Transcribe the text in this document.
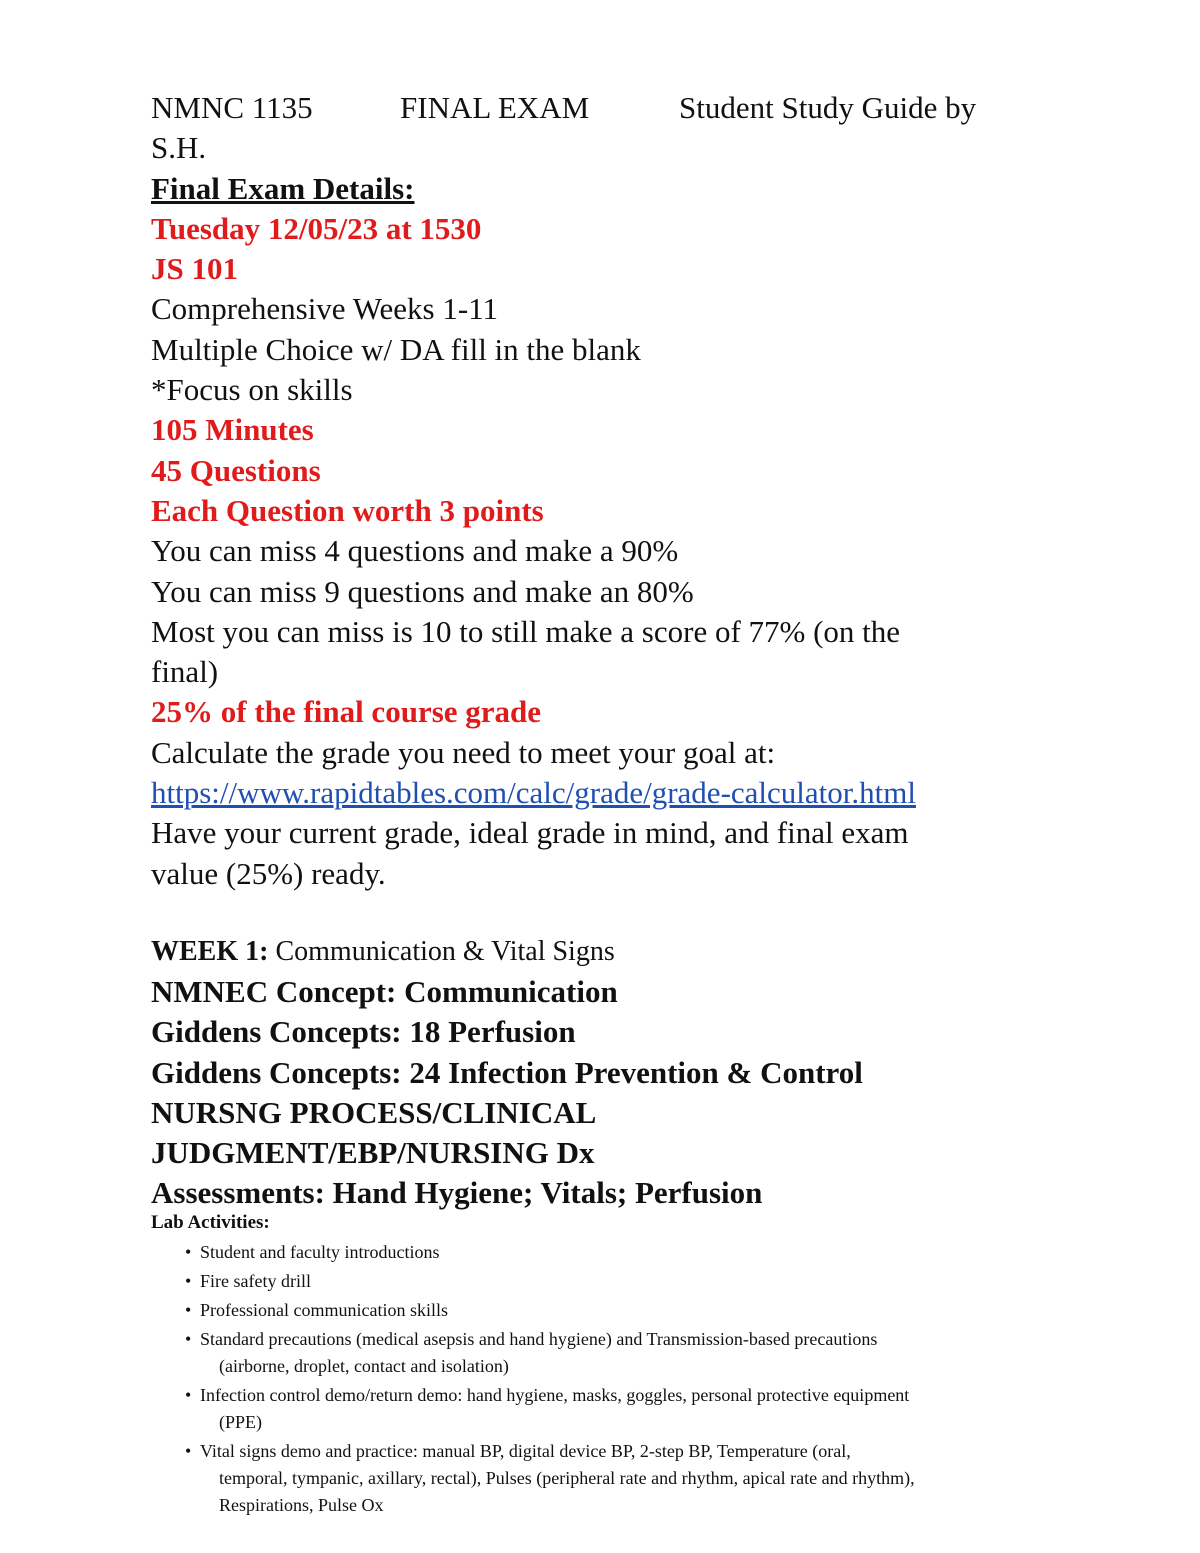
NMNC 1135	FINAL EXAM	Student Study Guide by

S.H.

Final Exam Details:

Tuesday 12/05/23 at 1530

JS 101

Comprehensive Weeks 1-11

Multiple Choice w/ DA fill in the blank

*Focus on skills

105 Minutes

45 Questions

Each Question worth 3 points

You can miss 4 questions and make a 90%

You can miss 9 questions and make an 80%

Most you can miss is 10 to still make a score of 77% (on the

final)

25% of the final course grade

Calculate the grade you need to meet your goal at:

https://www.rapidtables.com/calc/grade/grade-calculator.html

Have your current grade, ideal grade in mind, and final exam

value (25%) ready.

WEEK 1: Communication & Vital Signs

NMNEC Concept: Communication

Giddens Concepts: 18 Perfusion

Giddens Concepts: 24 Infection Prevention & Control

NURSNG PROCESS/CLINICAL

JUDGMENT/EBP/NURSING Dx

Assessments: Hand Hygiene; Vitals; Perfusion

Lab Activities:

• Student and faculty introductions
• Fire safety drill
• Professional communication skills
• Standard precautions (medical asepsis and hand hygiene) and Transmission-based precautions
(airborne, droplet, contact and isolation)
• Infection control demo/return demo: hand hygiene, masks, goggles, personal protective equipment
(PPE)
• Vital signs demo and practice: manual BP, digital device BP, 2-step BP, Temperature (oral,
temporal, tympanic, axillary, rectal), Pulses (peripheral rate and rhythm, apical rate and rhythm),
Respirations, Pulse Ox
